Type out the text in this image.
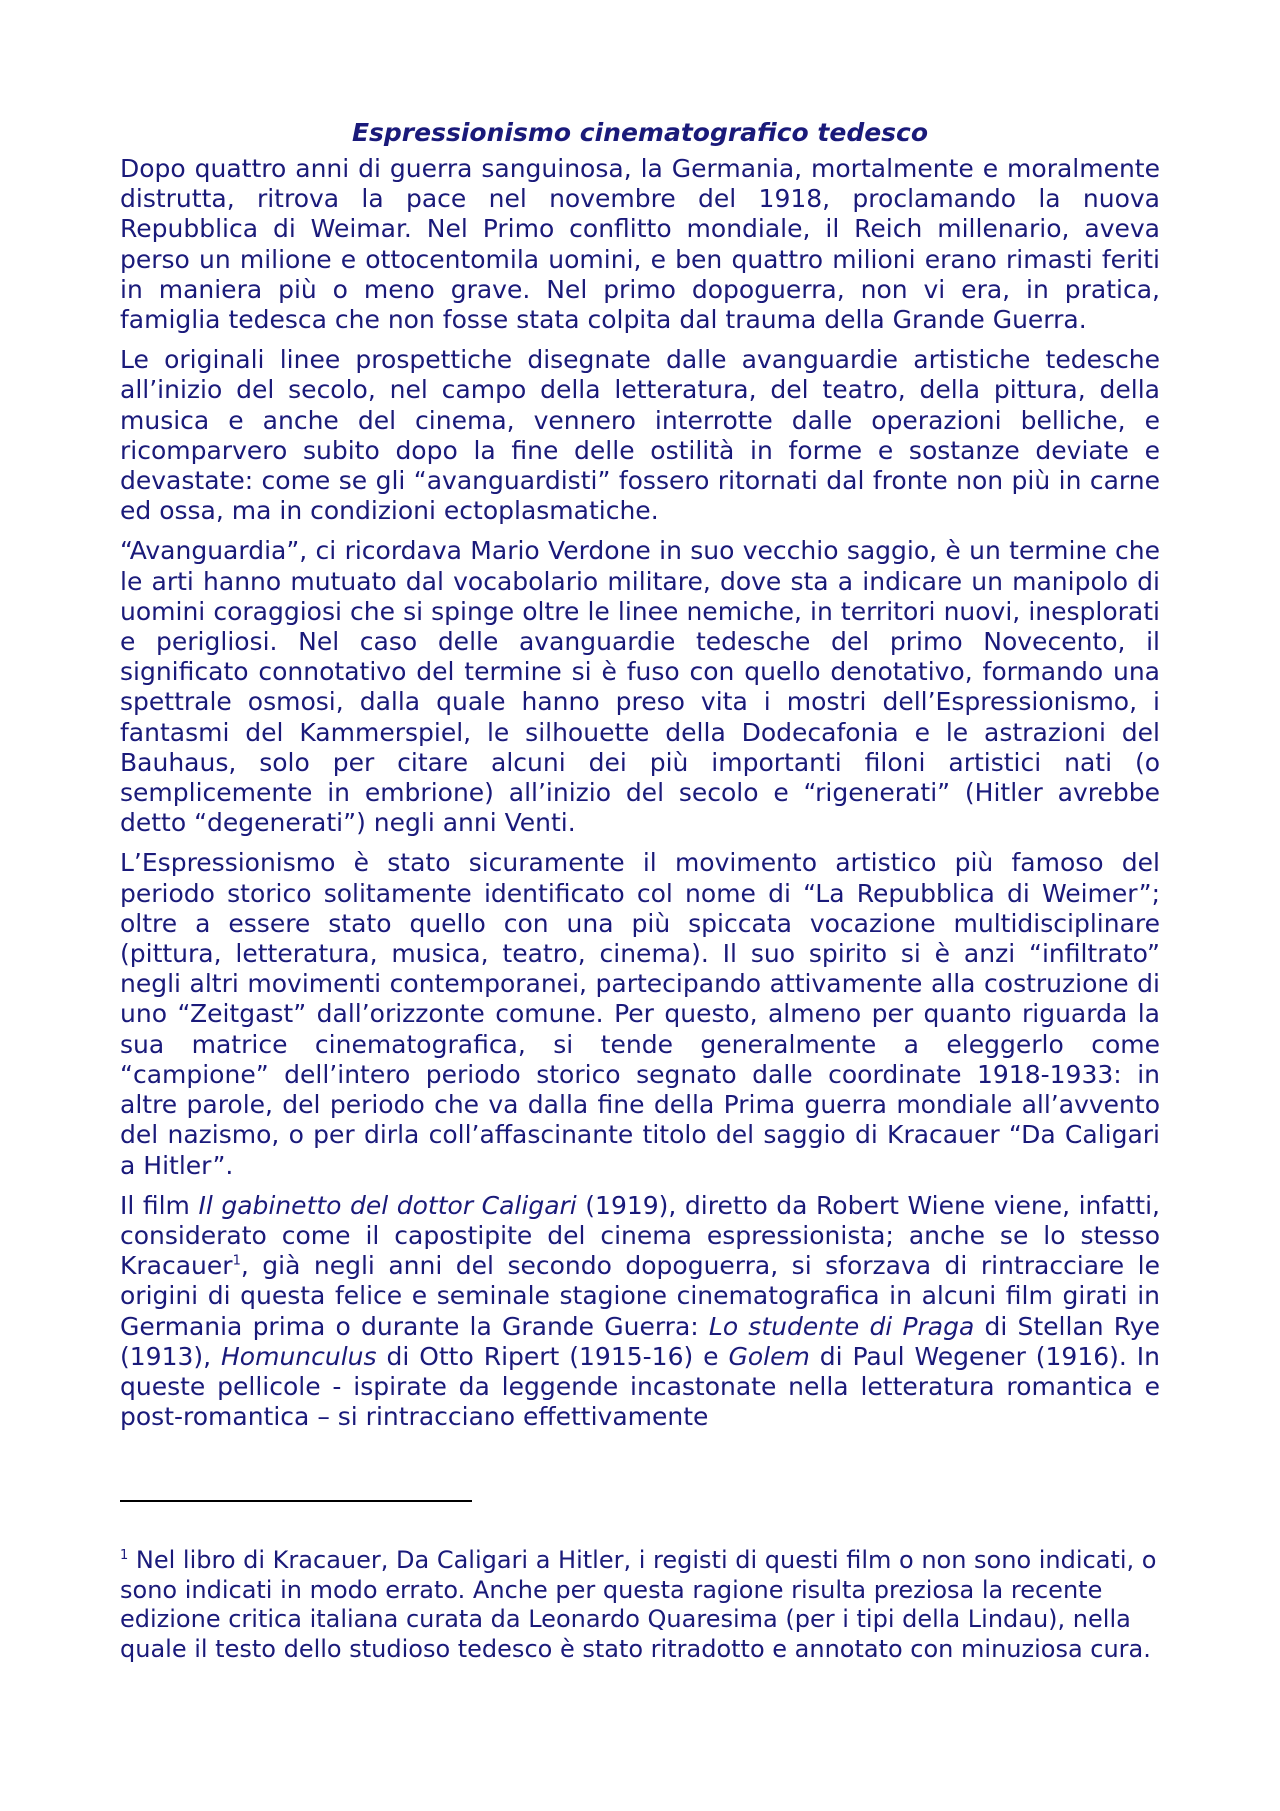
Espressionismo cinematografico tedesco

Dopo quattro anni di guerra sanguinosa, la Germania, mortalmente e moralmente distrutta, ritrova la pace nel novembre del 1918, proclamando la nuova Repubblica di Weimar. Nel Primo conflitto mondiale, il Reich millenario, aveva perso un milione e ottocentomila uomini, e ben quattro milioni erano rimasti feriti in maniera più o meno grave. Nel primo dopoguerra, non vi era, in pratica, famiglia tedesca che non fosse stata colpita dal trauma della Grande Guerra.

Le originali linee prospettiche disegnate dalle avanguardie artistiche tedesche all’inizio del secolo, nel campo della letteratura, del teatro, della pittura, della musica e anche del cinema, vennero interrotte dalle operazioni belliche, e ricomparvero subito dopo la fine delle ostilità in forme e sostanze deviate e devastate: come se gli “avanguardisti” fossero ritornati dal fronte non più in carne ed ossa, ma in condizioni ectoplasmatiche.

“Avanguardia”, ci ricordava Mario Verdone in suo vecchio saggio, è un termine che le arti hanno mutuato dal vocabolario militare, dove sta a indicare un manipolo di uomini coraggiosi che si spinge oltre le linee nemiche, in territori nuovi, inesplorati e perigliosi. Nel caso delle avanguardie tedesche del primo Novecento, il significato connotativo del termine si è fuso con quello denotativo, formando una spettrale osmosi, dalla quale hanno preso vita i mostri dell’Espressionismo, i fantasmi del Kammerspiel, le silhouette della Dodecafonia e le astrazioni del Bauhaus, solo per citare alcuni dei più importanti filoni artistici nati (o semplicemente in embrione) all’inizio del secolo e “rigenerati” (Hitler avrebbe detto “degenerati”) negli anni Venti.

L’Espressionismo è stato sicuramente il movimento artistico più famoso del periodo storico solitamente identificato col nome di “La Repubblica di Weimer”; oltre a essere stato quello con una più spiccata vocazione multidisciplinare (pittura, letteratura, musica, teatro, cinema). Il suo spirito si è anzi “infiltrato” negli altri movimenti contemporanei, partecipando attivamente alla costruzione di uno “Zeitgast” dall’orizzonte comune. Per questo, almeno per quanto riguarda la sua matrice cinematografica, si tende generalmente a eleggerlo come “campione” dell’intero periodo storico segnato dalle coordinate 1918-1933: in altre parole, del periodo che va dalla fine della Prima guerra mondiale all’avvento del nazismo, o per dirla coll’affascinante titolo del saggio di Kracauer “Da Caligari a Hitler”.

Il film Il gabinetto del dottor Caligari (1919), diretto da Robert Wiene viene, infatti, considerato come il capostipite del cinema espressionista; anche se lo stesso Kracauer$^1$, già negli anni del secondo dopoguerra, si sforzava di rintracciare le origini di questa felice e seminale stagione cinematografica in alcuni film girati in Germania prima o durante la Grande Guerra: Lo studente di Praga di Stellan Rye (1913), Homunculus di Otto Ripert (1915-16) e Golem di Paul Wegener (1916). In queste pellicole - ispirate da leggende incastonate nella letteratura romantica e post-romantica – si rintracciano effettivamente

$^1$ Nel libro di Kracauer, Da Caligari a Hitler, i registi di questi film o non sono indicati, o sono indicati in modo errato. Anche per questa ragione risulta preziosa la recente edizione critica italiana curata da Leonardo Quaresima (per i tipi della Lindau), nella quale il testo dello studioso tedesco è stato ritradotto e annotato con minuziosa cura.
